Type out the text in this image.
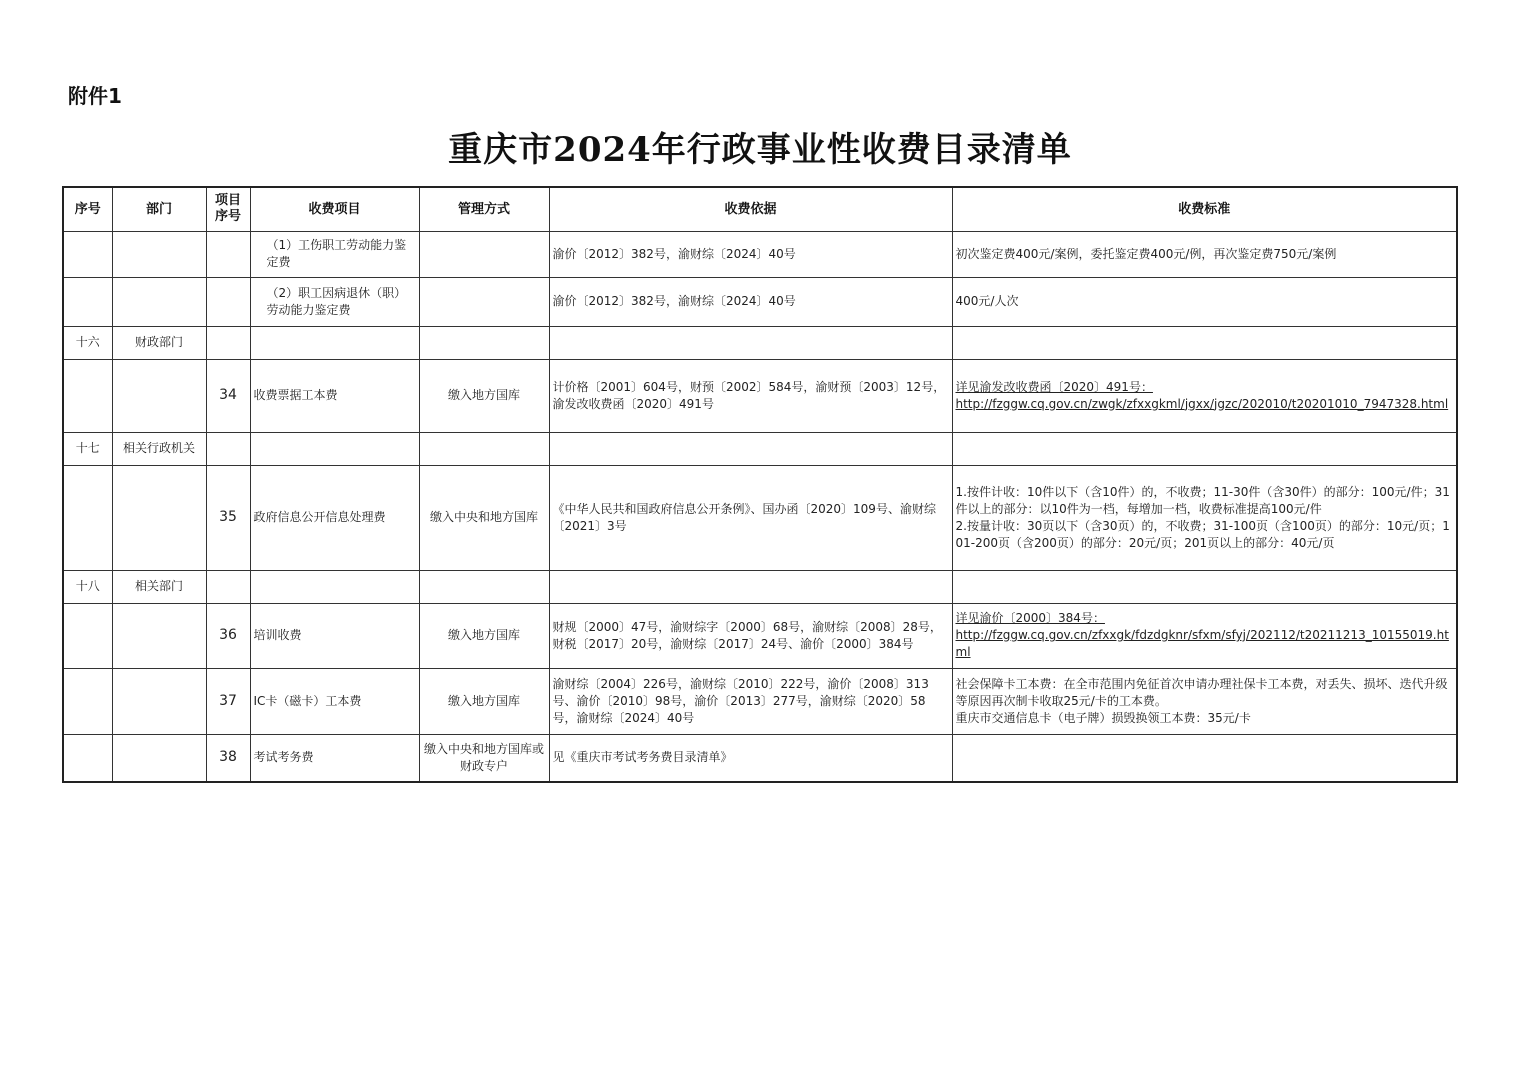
附件1
重庆市2024年行政事业性收费目录清单
序号	部门	项目序号	收费项目	管理方式	收费依据	收费标准
			（1）工伤职工劳动能力鉴定费		渝价〔2012〕382号，渝财综〔2024〕40号	初次鉴定费400元/案例，委托鉴定费400元/例，再次鉴定费750元/案例
			（2）职工因病退休（职）劳动能力鉴定费		渝价〔2012〕382号，渝财综〔2024〕40号	400元/人次
十六	财政部门					
		34	收费票据工本费	缴入地方国库	计价格〔2001〕604号，财预〔2002〕584号，渝财预〔2003〕12号，渝发改收费函〔2020〕491号	详见渝发改收费函〔2020〕491号：
http://fzggw.cq.gov.cn/zwgk/zfxxgkml/jgxx/jgzc/202010/t20201010_7947328.html

十七	相关行政机关					
		35	政府信息公开信息处理费	缴入中央和地方国库	《中华人民共和国政府信息公开条例》、国办函〔2020〕109号、渝财综〔2021〕3号	1.按件计收：10件以下（含10件）的，不收费；11-30件（含30件）的部分：100元/件；31件以上的部分：以10件为一档，每增加一档，收费标准提高100元/件
2.按量计收：30页以下（含30页）的，不收费；31-100页（含100页）的部分：10元/页；101-200页（含200页）的部分：20元/页；201页以上的部分：40元/页

十八	相关部门					
		36	培训收费	缴入地方国库	财规〔2000〕47号，渝财综字〔2000〕68号，渝财综〔2008〕28号，财税〔2017〕20号，渝财综〔2017〕24号、渝价〔2000〕384号	详见渝价〔2000〕384号：
http://fzggw.cq.gov.cn/zfxxgk/fdzdgknr/sfxm/sfyj/202112/t20211213_10155019.html

		37	IC卡（磁卡）工本费	缴入地方国库	渝财综〔2004〕226号，渝财综〔2010〕222号，渝价〔2008〕313号、渝价〔2010〕98号，渝价〔2013〕277号，渝财综〔2020〕58号，渝财综〔2024〕40号	社会保障卡工本费：在全市范围内免征首次申请办理社保卡工本费，对丢失、损坏、迭代升级等原因再次制卡收取25元/卡的工本费。
重庆市交通信息卡（电子牌）损毁换领工本费：35元/卡

		38	考试考务费	缴入中央和地方国库或财政专户	见《重庆市考试考务费目录清单》	
